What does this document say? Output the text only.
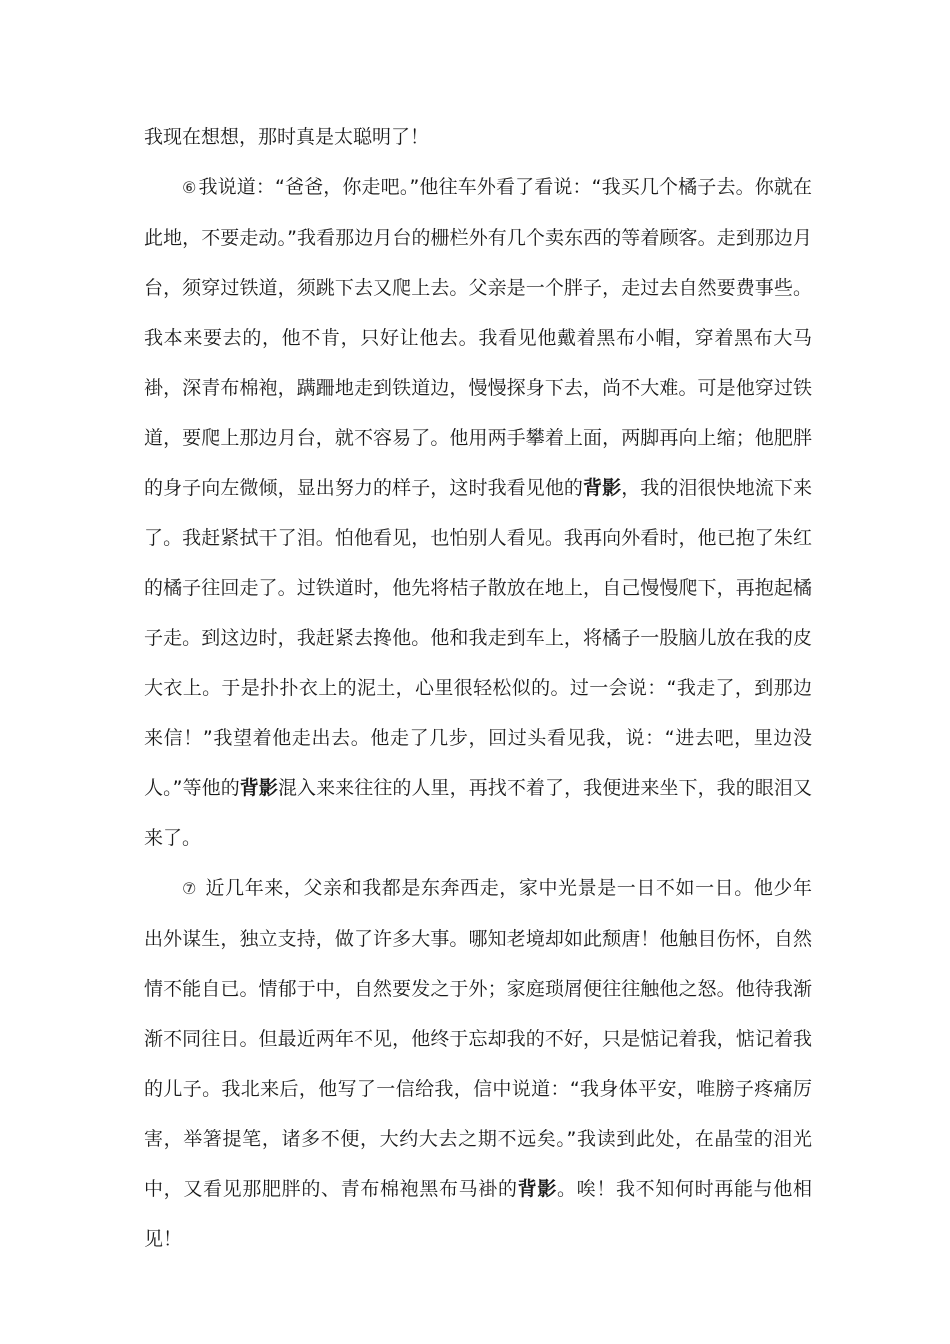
我现在想想，那时真是太聪明了！

⑥ 我说道：“爸爸，你走吧。”他往车外看了看说：“我买几个橘子去。你就在此地，不要走动。”我看那边月台的栅栏外有几个卖东西的等着顾客。走到那边月台，须穿过铁道，须跳下去又爬上去。父亲是一个胖子，走过去自然要费事些。我本来要去的，他不肯，只好让他去。我看见他戴着黑布小帽，穿着黑布大马褂，深青布棉袍，蹒跚地走到铁道边，慢慢探身下去，尚不大难。可是他穿过铁道，要爬上那边月台，就不容易了。他用两手攀着上面，两脚再向上缩；他肥胖的身子向左微倾，显出努力的样子，这时我看见他的背影，我的泪很快地流下来了。我赶紧拭干了泪。怕他看见，也怕别人看见。我再向外看时，他已抱了朱红的橘子往回走了。过铁道时，他先将桔子散放在地上，自己慢慢爬下，再抱起橘子走。到这边时，我赶紧去搀他。他和我走到车上，将橘子一股脑儿放在我的皮大衣上。于是扑扑衣上的泥土，心里很轻松似的。过一会说：“我走了，到那边来信！”我望着他走出去。他走了几步，回过头看见我，说：“进去吧，里边没人。”等他的背影混入来来往往的人里，再找不着了，我便进来坐下，我的眼泪又来了。

⑦ 近几年来，父亲和我都是东奔西走，家中光景是一日不如一日。他少年出外谋生，独立支持，做了许多大事。哪知老境却如此颓唐！他触目伤怀，自然情不能自已。情郁于中，自然要发之于外；家庭琐屑便往往触他之怒。他待我渐渐不同往日。但最近两年不见，他终于忘却我的不好，只是惦记着我，惦记着我的儿子。我北来后，他写了一信给我，信中说道：“我身体平安，唯膀子疼痛厉害，举箸提笔，诸多不便，大约大去之期不远矣。”我读到此处，在晶莹的泪光中，又看见那肥胖的、青布棉袍黑布马褂的背影。唉！我不知何时再能与他相见！
